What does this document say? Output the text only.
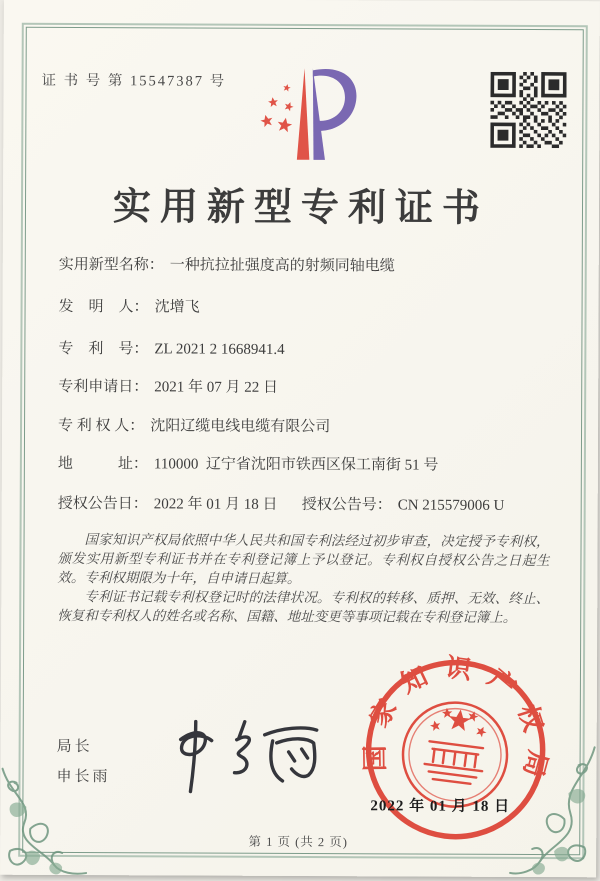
证 书 号 第 15547387 号
实用新型专利证书
实用新型名称： 一种抗拉扯强度高的射频同轴电缆
发　明　人： 沈增飞
专　利　号： ZL 2021 2 1668941.4
专利申请日： 2021 年 07 月 22 日
专 利 权 人： 沈阳辽缆电线电缆有限公司
地　　　址： 110000  辽宁省沈阳市铁西区保工南街 51 号
授权公告日： 2022 年 01 月 18 日 授权公告号： CN 215579006 U

国家知识产权局依照中华人民共和国专利法经过初步审查，决定授予专利权，颁发实用新型专利证书并在专利登记簿上予以登记。专利权自授权公告之日起生效。专利权期限为十年，自申请日起算。

专利证书记载专利权登记时的法律状况。专利权的转移、质押、无效、终止、恢复和专利权人的姓名或名称、国籍、地址变更等事项记载在专利登记簿上。

局长
申长雨
国家知识产权局
2022 年 01 月 18 日
第 1 页 (共 2 页)
